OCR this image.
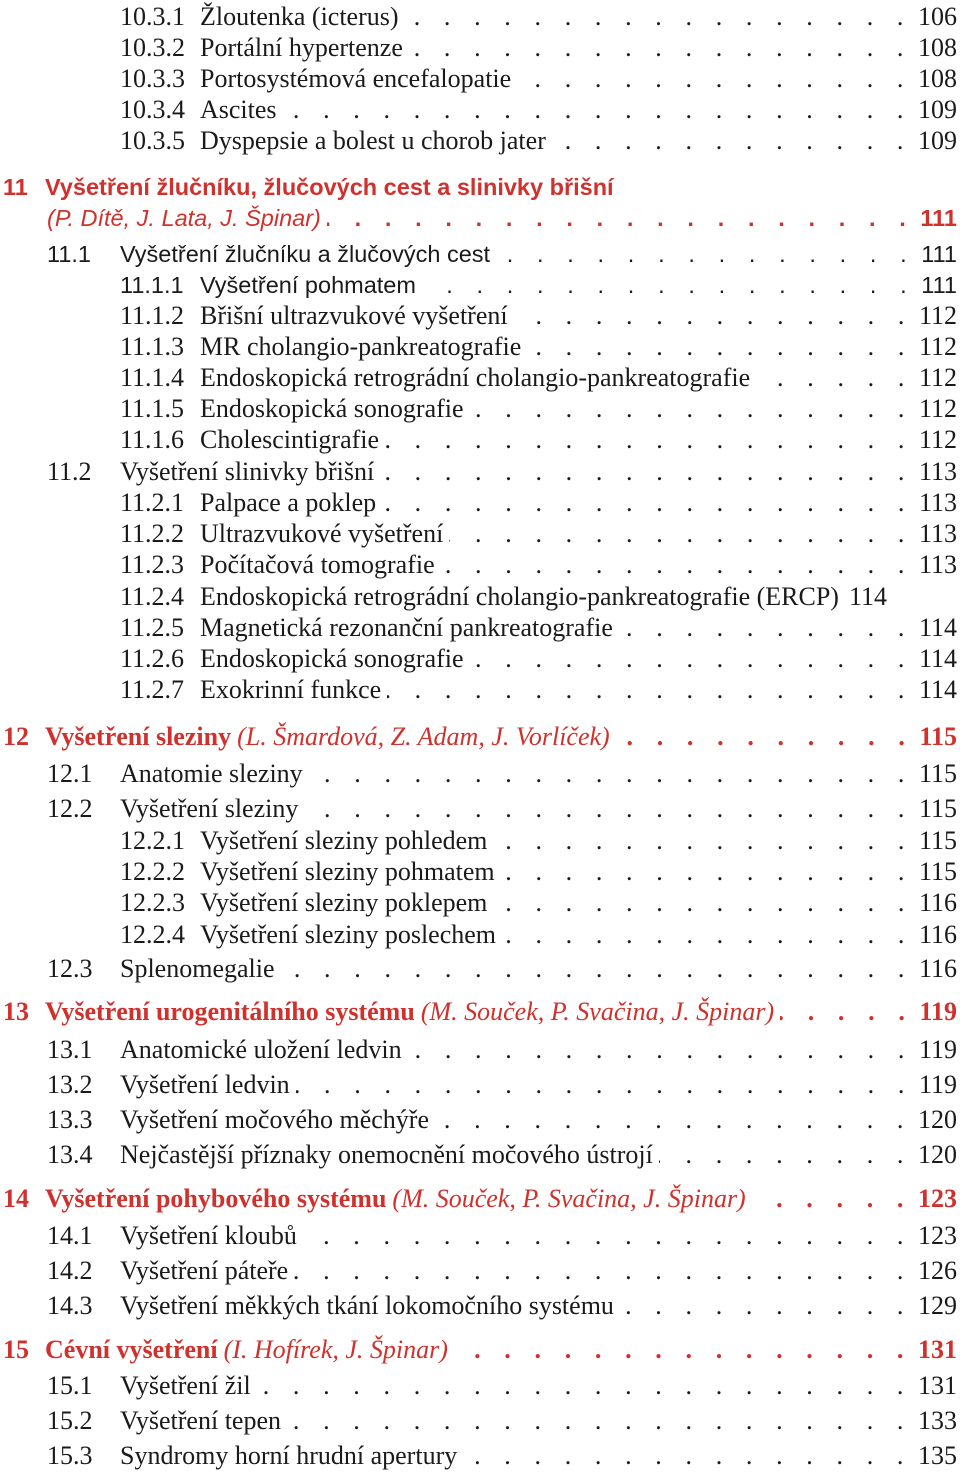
10.3.1 Žloutenka (icterus) . . .	106
10.3.2 Portální hypertenze . . .	108
10.3.3 Portosystémová encefalopatie . . .	108
10.3.4 Ascites . . .	109
10.3.5 Dyspepsie a bolest u chorob jater . . .	109
11 Vyšetření žlučníku, žlučových cest a slinivky břišní
(P. Dítě, J. Lata, J. Špinar) . . .	111
11.1	Vyšetření žlučníku a žlučových cest . . .	111
11.1.1 Vyšetření pohmatem . . .	111
11.1.2 Břišní ultrazvukové vyšetření . . .	112
11.1.3 MR cholangio-pankreatografie . . .	112
11.1.4 Endoskopická retrográdní cholangio-pankreatografie . . .	112
11.1.5 Endoskopická sonografie . . .	112
11.1.6 Cholescintigrafie . . .	112
11.2	Vyšetření slinivky břišní . . .	113
11.2.1 Palpace a poklep . . .	113
11.2.2 Ultrazvukové vyšetření . . .	113
11.2.3 Počítačová tomografie . . .	113
11.2.4 Endoskopická retrográdní cholangio-pankreatografie (ERCP) 114
11.2.5 Magnetická rezonanční pankreatografie . . .	114
11.2.6 Endoskopická sonografie . . .	114
11.2.7 Exokrinní funkce . . .	114
12 Vyšetření sleziny (L. Šmardová, Z. Adam, J. Vorlíček) . . .	115
12.1	Anatomie sleziny . . .	115
12.2	Vyšetření sleziny . . .	115
12.2.1 Vyšetření sleziny pohledem . . .	115
12.2.2 Vyšetření sleziny pohmatem . . .	115
12.2.3 Vyšetření sleziny poklepem . . .	116
12.2.4 Vyšetření sleziny poslechem . . .	116
12.3	Splenomegalie . . .	116
13 Vyšetření urogenitálního systému (M. Souček, P. Svačina, J. Špinar) . . .	119
13.1	Anatomické uložení ledvin . . .	119
13.2	Vyšetření ledvin . . .	119
13.3	Vyšetření močového měchýře . . .	120
13.4	Nejčastější příznaky onemocnění močového ústrojí . . .	120
14 Vyšetření pohybového systému (M. Souček, P. Svačina, J. Špinar) . . .	123
14.1	Vyšetření kloubů . . .	123
14.2	Vyšetření páteře . . .	126
14.3	Vyšetření měkkých tkání lokomočního systému . . .	129
15 Cévní vyšetření (I. Hofírek, J. Špinar) . . .	131
15.1	Vyšetření žil . . .	131
15.2	Vyšetření tepen . . .	133
15.3	Syndromy horní hrudní apertury . . .	135
